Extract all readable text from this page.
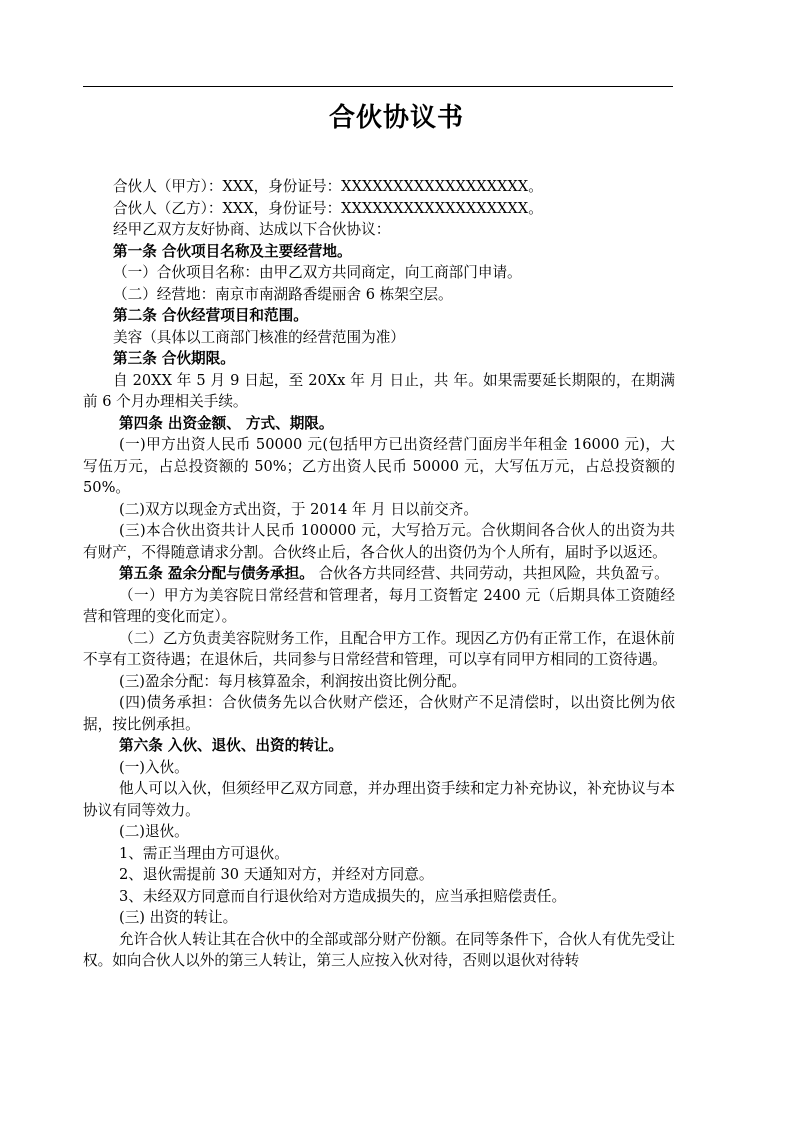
合伙协议书

合伙人（甲方）：XXX，身份证号：XXXXXXXXXXXXXXXXXX。

合伙人（乙方）：XXX，身份证号：XXXXXXXXXXXXXXXXXX。

经甲乙双方友好协商、达成以下合伙协议：

第一条 合伙项目名称及主要经营地。

（一）合伙项目名称：由甲乙双方共同商定，向工商部门申请。

（二）经营地：南京市南湖路香缇丽舍 6 栋架空层。

第二条 合伙经营项目和范围。

美容（具体以工商部门核准的经营范围为准）

第三条 合伙期限。

自 20XX 年 5 月 9 日起，至 20Xx 年 月 日止，共 年。如果需要延长期限的，在期满前 6 个月办理相关手续。

第四条 出资金额、 方式、期限。

(一)甲方出资人民币 50000 元(包括甲方已出资经营门面房半年租金 16000 元)，大写伍万元，占总投资额的 50%；乙方出资人民币 50000 元，大写伍万元，占总投资额的 50%。

(二)双方以现金方式出资，于 2014 年 月 日以前交齐。

(三)本合伙出资共计人民币 100000 元，大写拾万元。合伙期间各合伙人的出资为共有财产，不得随意请求分割。合伙终止后，各合伙人的出资仍为个人所有，届时予以返还。

第五条 盈余分配与债务承担。 合伙各方共同经营、共同劳动，共担风险，共负盈亏。

（一）甲方为美容院日常经营和管理者，每月工资暂定 2400 元（后期具体工资随经营和管理的变化而定）。

（二）乙方负责美容院财务工作，且配合甲方工作。现因乙方仍有正常工作，在退休前不享有工资待遇；在退休后，共同参与日常经营和管理，可以享有同甲方相同的工资待遇。

(三)盈余分配：每月核算盈余，利润按出资比例分配。

(四)债务承担：合伙债务先以合伙财产偿还，合伙财产不足清偿时，以出资比例为依据，按比例承担。

第六条 入伙、退伙、出资的转让。

(一)入伙。

他人可以入伙，但须经甲乙双方同意，并办理出资手续和定力补充协议，补充协议与本协议有同等效力。

(二)退伙。

1、需正当理由方可退伙。

2、退伙需提前 30 天通知对方，并经对方同意。

3、未经双方同意而自行退伙给对方造成损失的，应当承担赔偿责任。

(三) 出资的转让。

允许合伙人转让其在合伙中的全部或部分财产份额。在同等条件下，合伙人有优先受让权。如向合伙人以外的第三人转让，第三人应按入伙对待，否则以退伙对待转
